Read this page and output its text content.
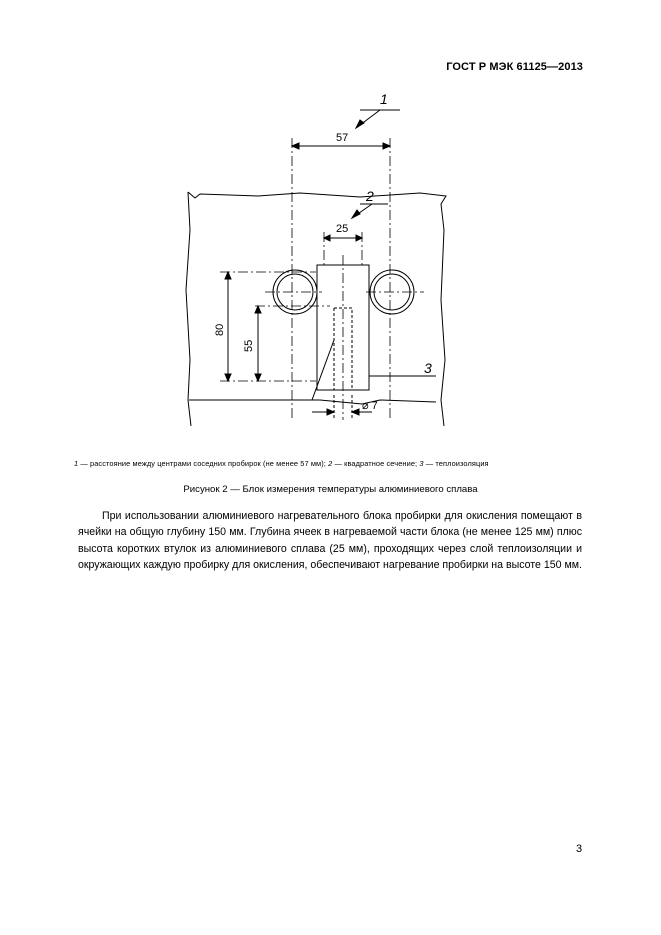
ГОСТ Р МЭК 61125—2013
1
2
3
57
25
80
55
⌀ 7
1 — расстояние между центрами соседних пробирок (не менее 57 мм); 2 — квадратное сечение; 3 — теплоизоляция
Рисунок 2 — Блок измерения температуры алюминиевого сплава

При использовании алюминиевого нагревательного блока пробирки для окисления помещают в ячейки на общую глубину 150 мм. Глубина ячеек в нагреваемой части блока (не менее 125 мм) плюс высота коротких втулок из алюминиевого сплава (25 мм), проходящих через слой теплоизоляции и окружающих каждую пробирку для окисления, обеспечивают нагревание пробирки на высоте 150 мм.

3
